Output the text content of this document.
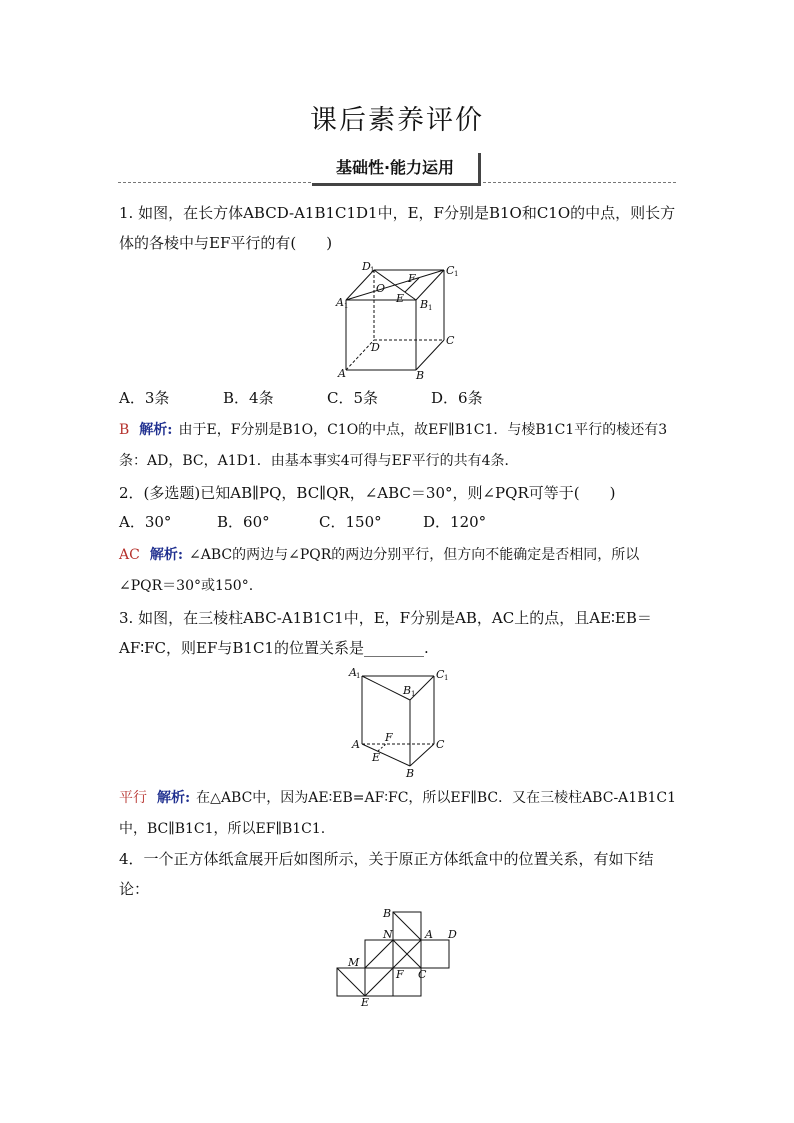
课后素养评价
基础性·能力运用
1. 如图，在长方体ABCD-A1B1C1D1中，E，F分别是B1O和C1O的中点，则长方体的各棱中与EF平行的有(　　)
D 1	C 1
F
O
A 1
E B 1
D
C
A	B
A．3条	B．4条	C．5条	D．6条
B 解析: 由于E，F分别是B1O，C1O的中点，故EF∥B1C1．与棱B1C1平行的棱还有3条：AD，BC，A1D1．由基本事实4可得与EF平行的共有4条．
2．(多选题)已知AB∥PQ，BC∥QR，∠ABC＝30°，则∠PQR可等于(　　)
A．30°	B．60°	C．150°	D．120°
AC 解析: ∠ABC的两边与∠PQR的两边分别平行，但方向不能确定是否相同，所以∠PQR＝30°或150°.
3. 如图，在三棱柱ABC-A1B1C1中，E，F分别是AB，AC上的点，且AE∶EB＝AF∶FC，则EF与B1C1的位置关系是________.
A 1	C 1
B 1
F
A	C
E
B
平行 解析: 在△ABC中，因为AE∶EB=AF∶FC，所以EF∥BC．又在三棱柱ABC-A1B1C1中，BC∥B1C1，所以EF∥B1C1.
4．一个正方体纸盒展开后如图所示，关于原正方体纸盒中的位置关系，有如下结论：
B
N	A D
M
F C
E
